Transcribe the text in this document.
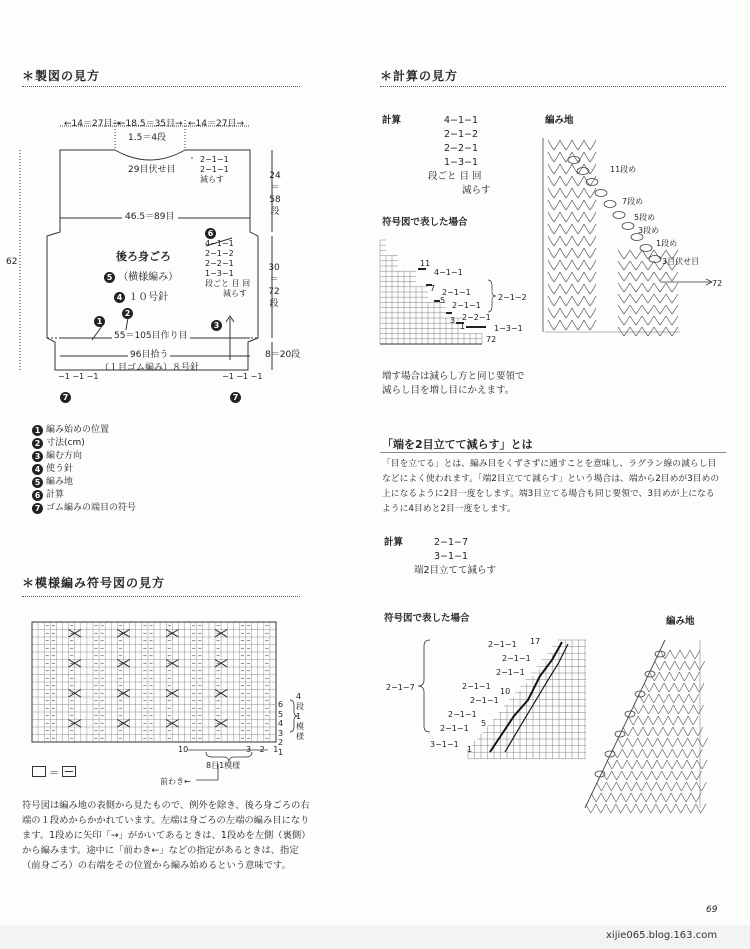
＊製図の見方
←14＝27目→
←18.5＝35目→ ←14＝27目→
1.5＝4段
29目伏せ目
2−1−1
2−1−1
減らす	24＝58段
46.5＝89目
62	後ろ身ごろ
5 （横様編み）
4 １０号針
6
4−1−1
2−1−2
2−2−1
1−3−1
段ごと 目 回
減らす
30＝72段
1
2
3
55＝105目作り目
96目拾う
（１目ゴム編み）８号針
8＝20段
−1 −1 −1	−1 −1 −1
7	7
1 編み始めの位置
2 寸法(cm)
3 編む方向
4 使う針
5 編み地
6 計算
7 ゴム編みの端目の符号
＊模様編み符号図の見方
6
5
4
3
2
1
4段1模様
10	3 2 1
8目1模様
前わき←
＝
符号図は編み地の表側から見たもので、例外を除き、後ろ身ごろの右端の１段めからかかれています。左端は身ごろの左端の編み目になります。1段めに矢印「→」がかいてあるときは、1段めを左側（裏側）から編みます。途中に「前わき←」などの指定があるときは、指定（前身ごろ）の右端をその位置から編み始めるという意味です。
＊計算の見方
計算	4−1−1
2−1−2
2−2−1
1−3−1
段ごと 目 回
減らす
編み地
11段め
7段め
5段め
3段め
1段め
3目伏せ目
72
符号図で表した場合
11
4−1−1
7 2−1−1
5
2−1−1
3 2−2−1
1	1−3−1
72
2−1−2
増す場合は減らし方と同じ要領で減らし目を増し目にかえます。
「端を2目立てて減らす」とは
「目を立てる」とは、編み目をくずさずに通すことを意味し、ラグラン線の減らし目などによく使われます。「端2目立てて減らす」という場合は、端から2目めが3目めの上になるように2目一度をします。端3目立てる場合も同じ要領で、3目めが上になるように4目めと2目一度をします。
計算	2−1−7
3−1−1
端2目立てて減らす
符号図で表した場合	編み地
2−1−7
2−1−1
2−1−1
2−1−1
2−1−1
2−1−1
2−1−1
2−1−1
3−1−1
17
10
5
1
69
xijie065.blog.163.com
